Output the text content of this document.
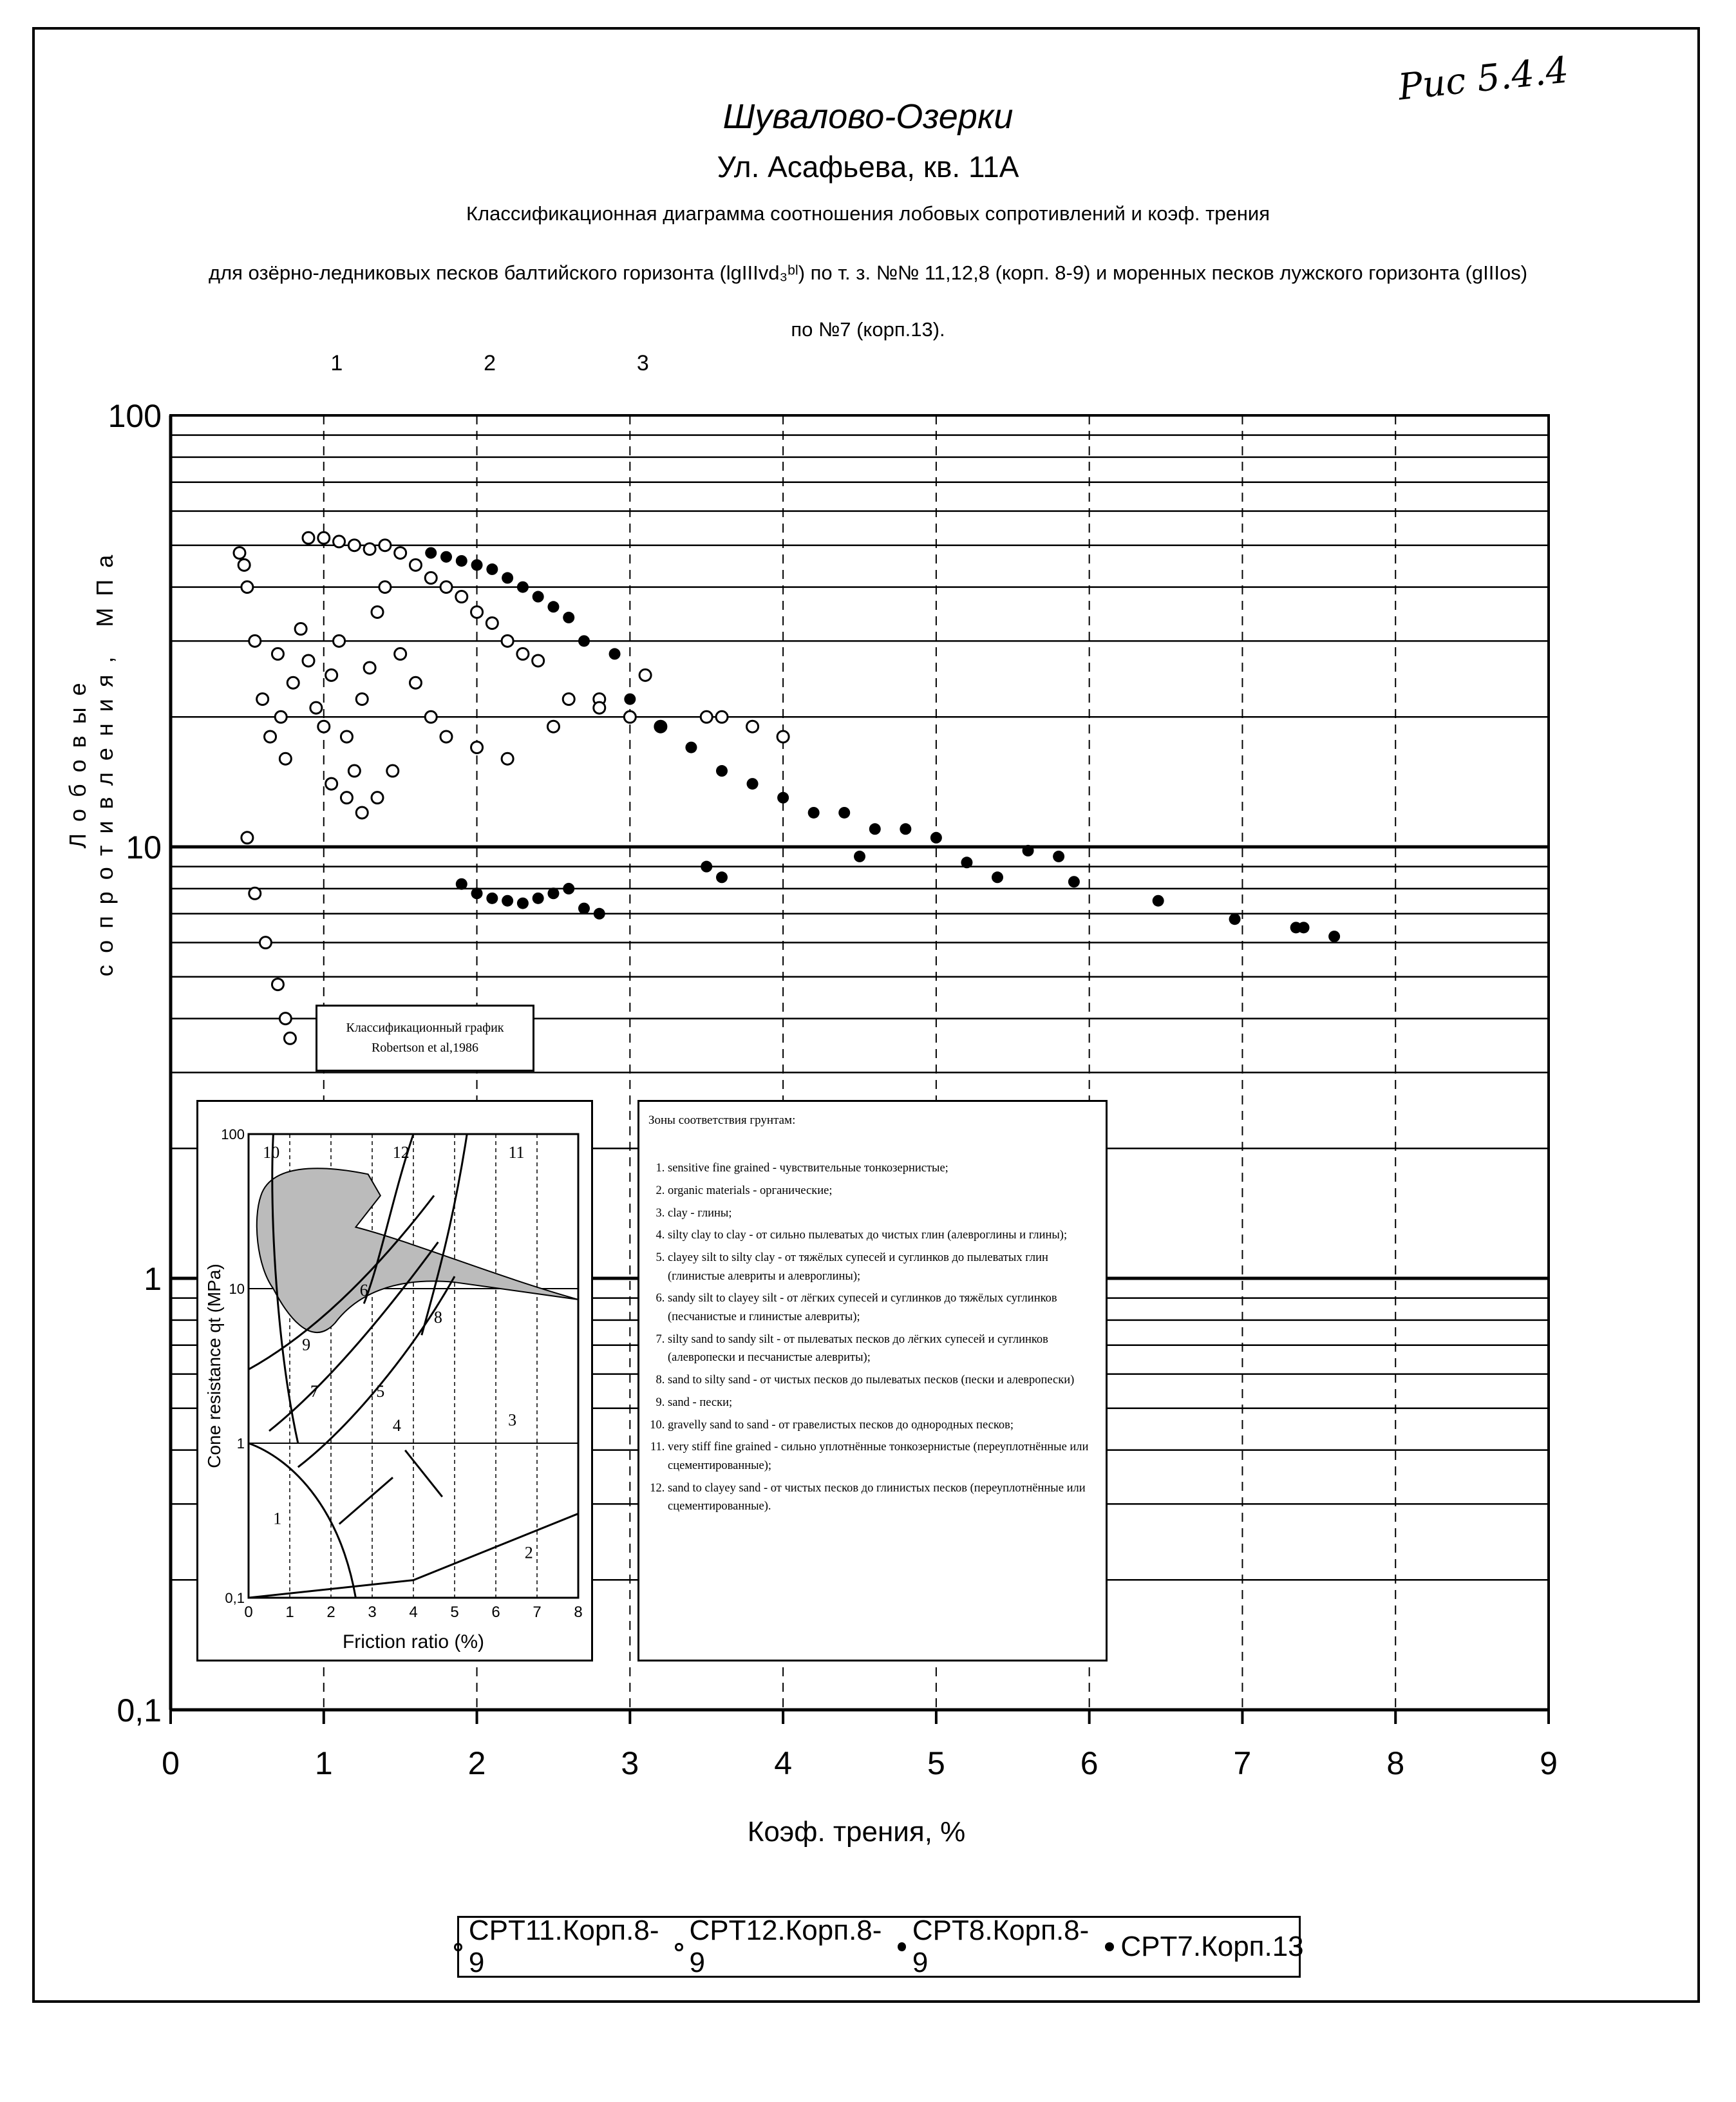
Рис 5.4.4
Шувалово-Озерки
Ул. Асафьева, кв. 11А
Классификационная диаграмма соотношения лобовых сопротивлений и коэф. трения
для озёрно-ледниковых песков балтийского горизонта (lgIIIvd₃ᵇˡ) по т. з. №№ 11,12,8 (корп. 8-9) и моренных песков лужского горизонта (gIIIos)
по №7 (корп.13).
0	1	2	3	4	5	6	7	8	9
0,1
1
10
100
1	2	3
Лобовые сопротивления, МПа
Коэф. трения, %
Классификационный график
Robertson et al,1986
0 1 2 3 4 5 6 7 8
100
10
1
0,1
Friction ratio (%)
Cone resistance qt (MPa)
12	11
10
9
8
7
6
5
4	3
2
1
Зоны соответствия грунтам:
1. sensitive fine grained - чувствительные тонкозернистые;
2. organic materials - органические;
3. clay - глины;
4. silty clay to clay - от сильно пылеватых до чистых глин (алевроглины и глины);
5. clayey silt to silty clay - от тяжёлых супесей и суглинков до пылеватых глин (глинистые алевриты и алевроглины);
6. sandy silt to clayey silt - от лёгких супесей и суглинков до тяжёлых суглинков (песчанистые и глинистые алевриты);
7. silty sand to sandy silt - от пылеватых песков до лёгких супесей и суглинков (алевропески и песчанистые алевриты);
8. sand to silty sand - от чистых песков до пылеватых песков (пески и алевропески)
9. sand - пески;
10. gravelly sand to sand - от гравелистых песков до однородных песков;
11. very stiff fine grained - сильно уплотнённые тонкозернистые (переуплотнённые или сцементированные);
12. sand to clayey sand - от чистых песков до глинистых песков (переуплотнённые или сцементированные).
CPT11.Корп.8-9
CPT12.Корп.8-9
CPT8.Корп.8-9
CPT7.Корп.13
